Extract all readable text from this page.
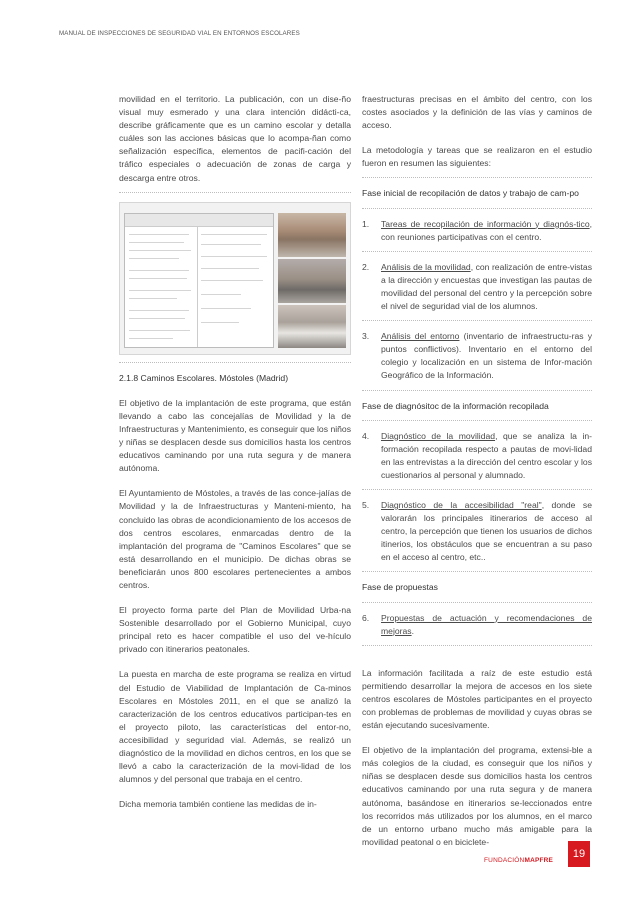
MANUAL DE INSPECCIONES DE SEGURIDAD VIAL EN ENTORNOS ESCOLARES

movilidad en el territorio. La publicación, con un dise-ño visual muy esmerado y una clara intención didácti-ca, describe gráficamente que es un camino escolar y detalla cuáles son las acciones básicas que lo acompa-ñan como señalización específica, elementos de pacifi-cación del tráfico especiales o adecuación de zonas de carga y descarga entre otros.

2.1.8 Caminos Escolares. Móstoles (Madrid)

El objetivo de la implantación de este programa, que están llevando a cabo las concejalías de Movilidad y la de Infraestructuras y Mantenimiento, es conseguir que los niños y niñas se desplacen desde sus domicilios hasta los centros educativos caminando por una ruta segura y de manera autónoma.

El Ayuntamiento de Móstoles, a través de las conce-jalías de Movilidad y la de Infraestructuras y Manteni-miento, ha concluido las obras de acondicionamiento de los accesos de dos centros escolares, enmarcadas dentro de la implantación del programa de "Caminos Escolares" que se está desarrollando en el municipio. De dichas obras se beneficiarán unos 800 escolares pertenecientes a ambos centros.

El proyecto forma parte del Plan de Movilidad Urba-na Sostenible desarrollado por el Gobierno Municipal, cuyo principal reto es hacer compatible el uso del ve-hículo privado con itinerarios peatonales.

La puesta en marcha de este programa se realiza en virtud del Estudio de Viabilidad de Implantación de Ca-minos Escolares en Móstoles 2011, en el que se analizó la caracterización de los centros educativos participan-tes en el proyecto piloto, las características del entor-no, accesibilidad y seguridad vial. Además, se realizó un diagnóstico de la movilidad en dichos centros, en los que se llevó a cabo la caracterización de la movi-lidad de los alumnos y del personal que trabaja en el centro.

Dicha memoria también contiene las medidas de in-

fraestructuras precisas en el ámbito del centro, con los costes asociados y la definición de las vías y caminos de acceso.

La metodología y tareas que se realizaron en el estudio fueron en resumen las siguientes:

Fase inicial de recopilación de datos y trabajo de cam-po

1. Tareas de recopilación de información y diagnós-tico, con reuniones participativas con el centro.
2. Análisis de la movilidad, con realización de entre-vistas a la dirección y encuestas que investigan las pautas de movilidad del personal del centro y la percepción sobre el nivel de seguridad vial de los alumnos.
3. Análisis del entorno (inventario de infraestructu-ras y puntos conflictivos). Inventario en el entorno del colegio y localización en un sistema de Infor-mación Geográfico de la Información.

Fase de diagnósitoc de la información recopilada

4. Diagnóstico de la movilidad, que se analiza la in-formación recopilada respecto a pautas de movi-lidad en las entrevistas a la dirección del centro escolar y los cuestionarios al personal y alumnado.
5. Diagnóstico de la accesibilidad "real", donde se valorarán los principales itinerarios de acceso al centro, la percepción que tienen los usuarios de dichos itinerios, los obstáculos que se encuentran a su paso en el acceso al centro, etc..

Fase de propuestas

6. Propuestas de actuación y recomendaciones de mejoras.

La información facilitada a raíz de este estudio está permitiendo desarrollar la mejora de accesos en los siete centros escolares de Móstoles participantes en el proyecto con problemas de problemas de movilidad y cuyas obras se están ejecutando sucesivamente.

El objetivo de la implantación del programa, extensi-ble a más colegios de la ciudad, es conseguir que los niños y niñas se desplacen desde sus domicilios hasta los centros educativos caminando por una ruta segura y de manera autónoma, basándose en itinerarios se-leccionados entre los recorridos más utilizados por los alumnos, en el marco de un entorno urbano mucho más amigable para la movilidad peatonal o en biciclete-

FUNDACIÓNMAPFRE
19
